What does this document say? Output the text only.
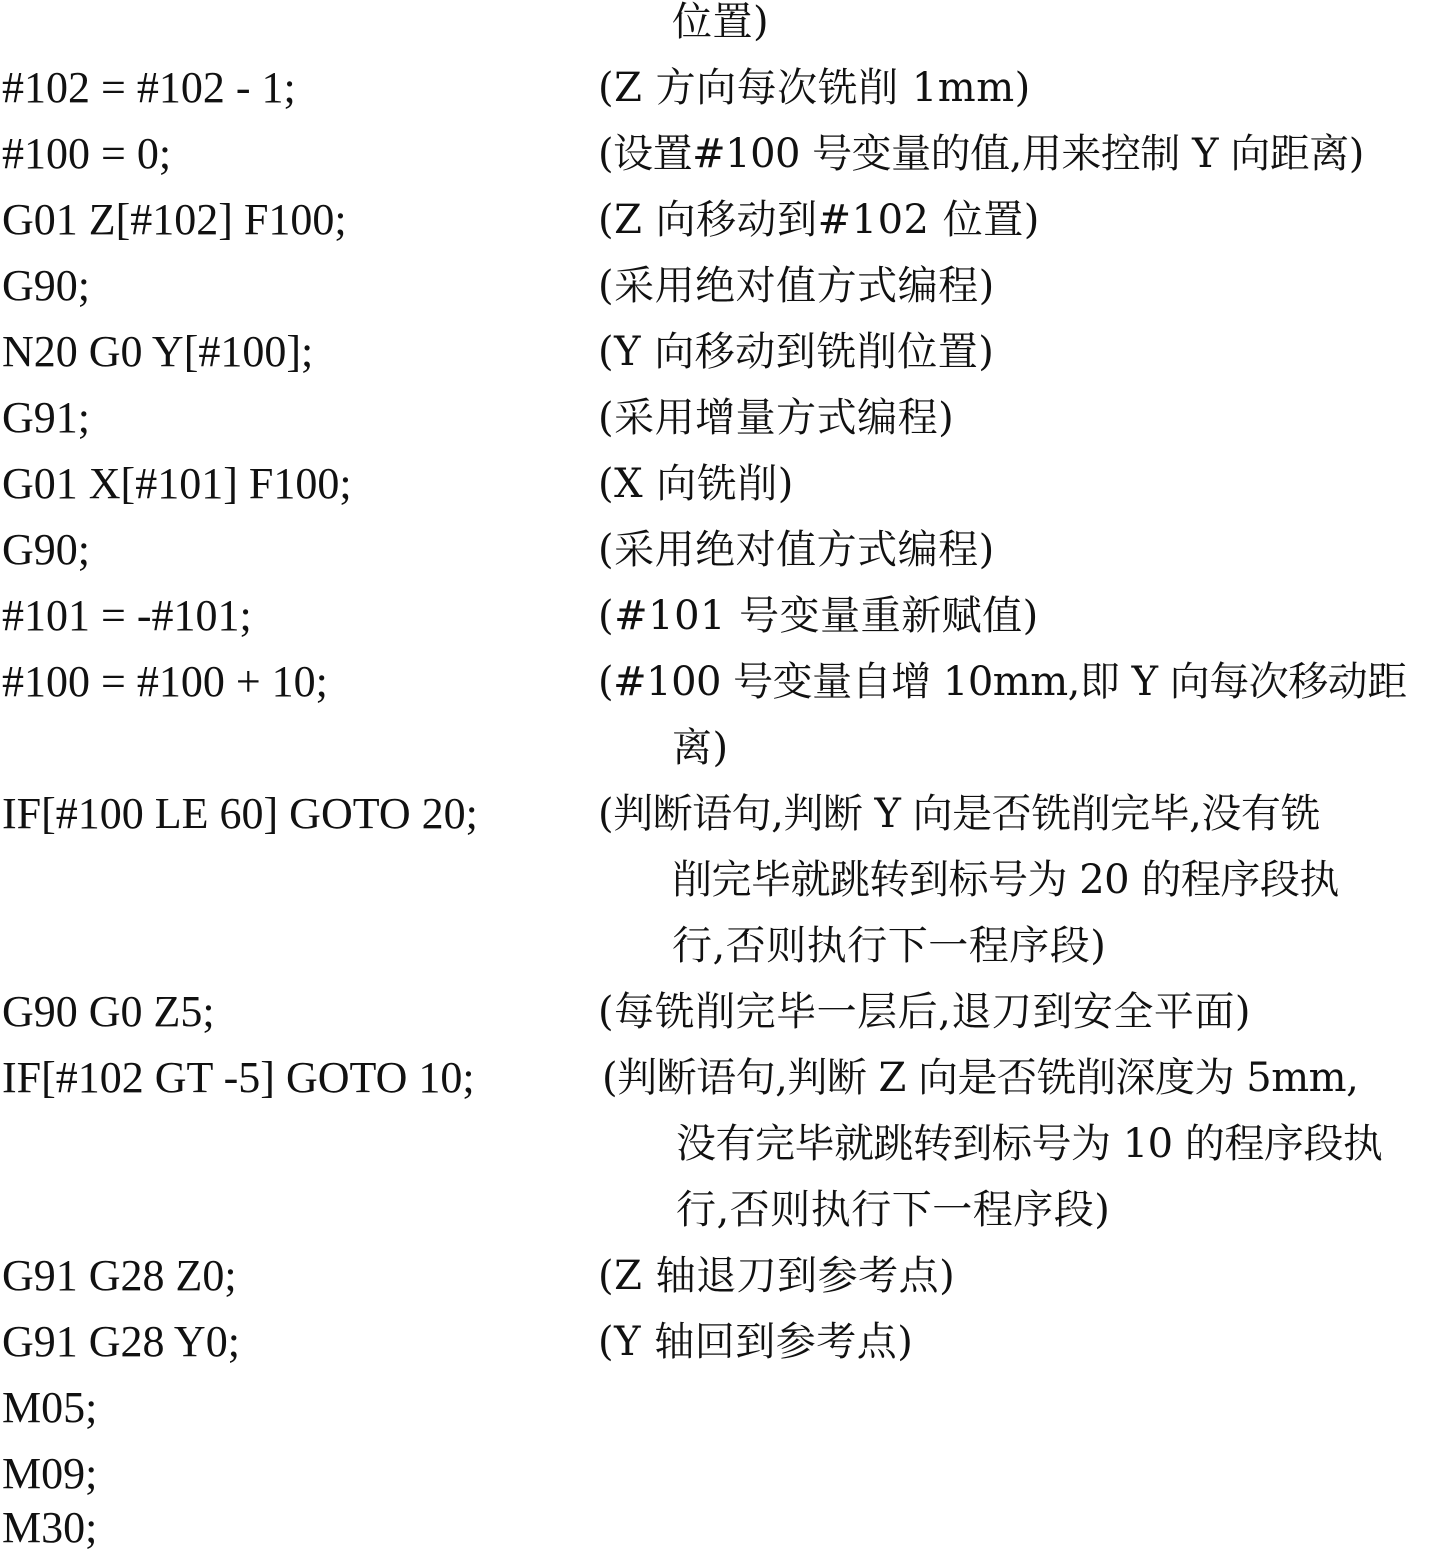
位置)
#102 = #102 - 1;	(Z 方向每次铣削 1mm)
#100 = 0;	(设置#100 号变量的值,用来控制 Y 向距离)
G01 Z[#102] F100;	(Z 向移动到#102 位置)
G90;	(采用绝对值方式编程)
N20 G0 Y[#100];	(Y 向移动到铣削位置)
G91;	(采用增量方式编程)
G01 X[#101] F100;	(X 向铣削)
G90;	(采用绝对值方式编程)
#101 = -#101;	(#101 号变量重新赋值)
#100 = #100 + 10;	(#100 号变量自增 10mm,即 Y 向每次移动距
离)
IF[#100 LE 60] GOTO 20;	(判断语句,判断 Y 向是否铣削完毕,没有铣
削完毕就跳转到标号为 20 的程序段执
行,否则执行下一程序段)
G90 G0 Z5;	(每铣削完毕一层后,退刀到安全平面)
IF[#102 GT -5] GOTO 10;	(判断语句,判断 Z 向是否铣削深度为 5mm,
没有完毕就跳转到标号为 10 的程序段执
行,否则执行下一程序段)
G91 G28 Z0;	(Z 轴退刀到参考点)
G91 G28 Y0;	(Y 轴回到参考点)
M05;
M09;
M30;
